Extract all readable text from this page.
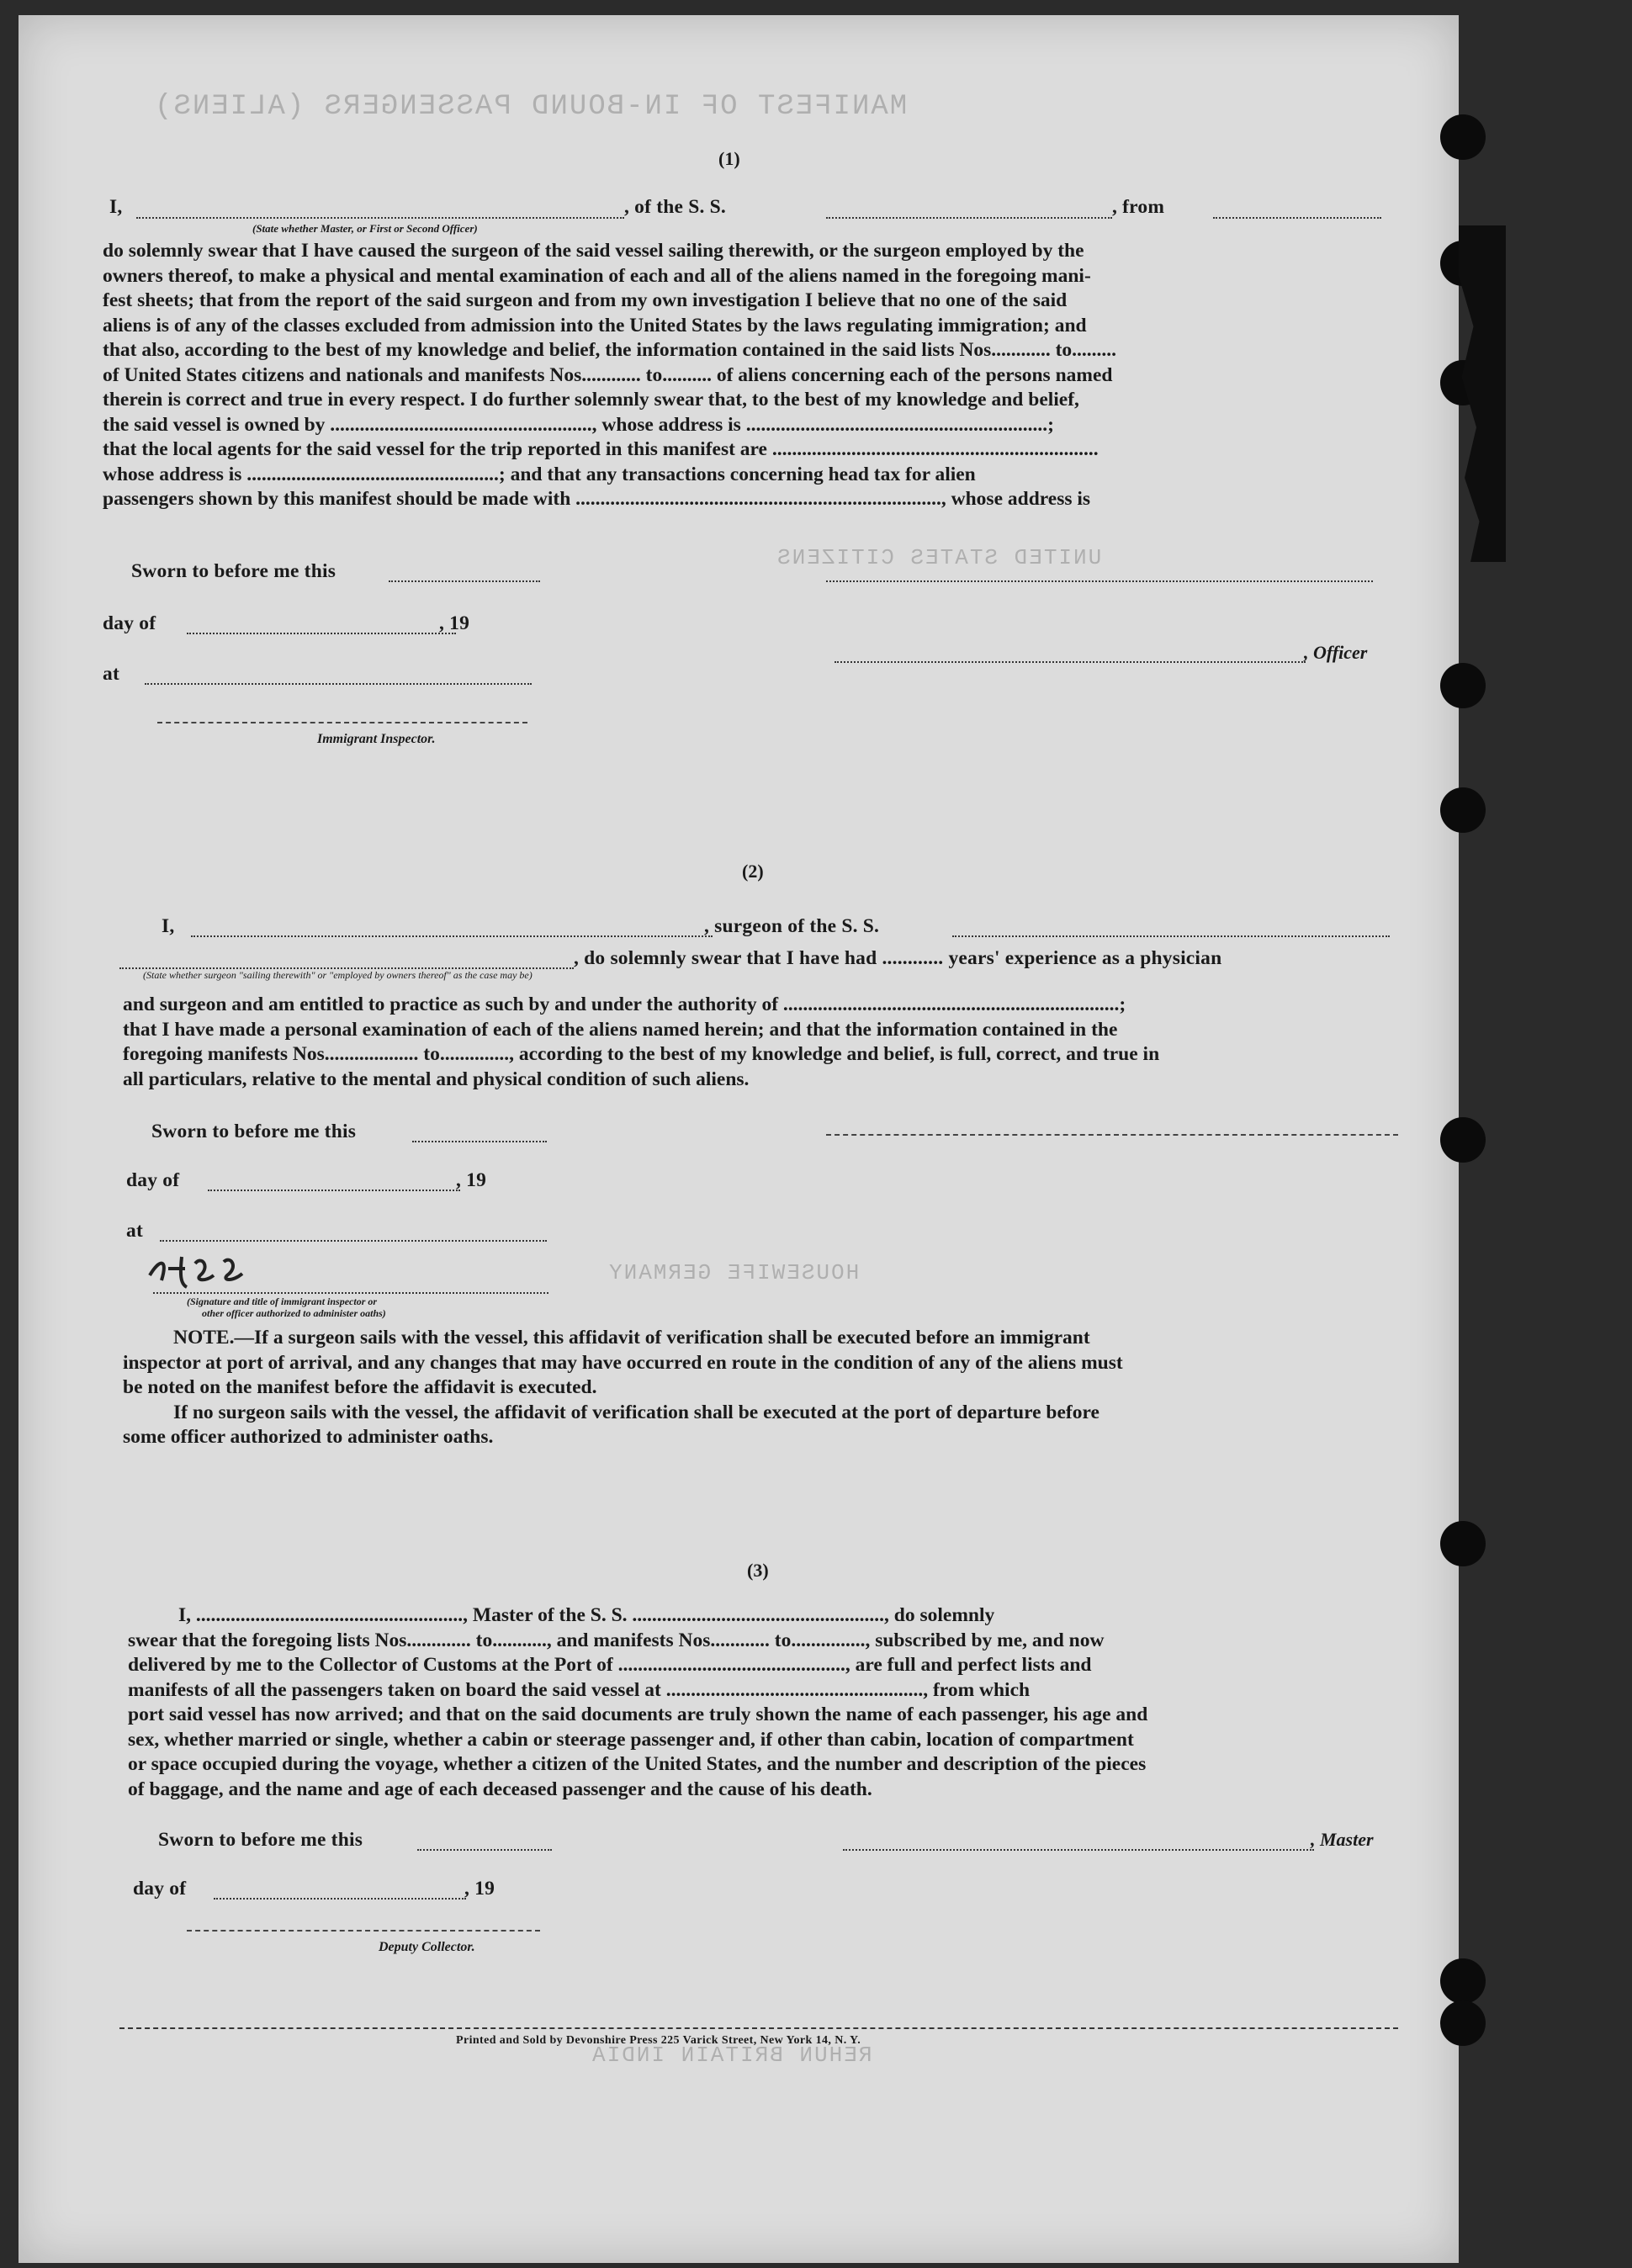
MANIFEST OF IN-BOUND PASSENGERS (ALIENS)
UNITED STATES CITIZENS
HOUSEWIFE GERMANY
REHUN BRITAIN INDIA
(1)
I,	, of the S. S.	, from
(State whether Master, or First or Second Officer)
do solemnly swear that I have caused the surgeon of the said vessel sailing therewith, or the surgeon employed by the
owners thereof, to make a physical and mental examination of each and all of the aliens named in the foregoing mani-
fest sheets; that from the report of the said surgeon and from my own investigation I believe that no one of the said
aliens is of any of the classes excluded from admission into the United States by the laws regulating immigration; and
that also, according to the best of my knowledge and belief, the information contained in the said lists Nos............ to.........
of United States citizens and nationals and manifests Nos............ to.......... of aliens concerning each of the persons named
therein is correct and true in every respect. I do further solemnly swear that, to the best of my knowledge and belief,
the said vessel is owned by ....................................................., whose address is .............................................................;
that the local agents for the said vessel for the trip reported in this manifest are ..................................................................
whose address is ...................................................; and that any transactions concerning head tax for alien
passengers shown by this manifest should be made with .........................................................................., whose address is
Sworn to before me this
day of	, 19
, Officer
at
Immigrant Inspector.
(2)
I,	, surgeon of the S. S.
, do solemnly swear that I have had ............ years' experience as a physician
(State whether surgeon "sailing therewith" or "employed by owners thereof" as the case may be)
and surgeon and am entitled to practice as such by and under the authority of ....................................................................;
that I have made a personal examination of each of the aliens named herein; and that the information contained in the
foregoing manifests Nos................... to.............., according to the best of my knowledge and belief, is full, correct, and true in
all particulars, relative to the mental and physical condition of such aliens.
Sworn to before me this
day of	, 19
at
(Signature and title of immigrant inspector or
other officer authorized to administer oaths)
NOTE.—If a surgeon sails with the vessel, this affidavit of verification shall be executed before an immigrant
inspector at port of arrival, and any changes that may have occurred en route in the condition of any of the aliens must
be noted on the manifest before the affidavit is executed.
If no surgeon sails with the vessel, the affidavit of verification shall be executed at the port of departure before
some officer authorized to administer oaths.
(3)
I, ......................................................, Master of the S. S. ..................................................., do solemnly
swear that the foregoing lists Nos............. to..........., and manifests Nos............ to..............., subscribed by me, and now
delivered by me to the Collector of Customs at the Port of .............................................., are full and perfect lists and
manifests of all the passengers taken on board the said vessel at ...................................................., from which
port said vessel has now arrived; and that on the said documents are truly shown the name of each passenger, his age and
sex, whether married or single, whether a cabin or steerage passenger and, if other than cabin, location of compartment
or space occupied during the voyage, whether a citizen of the United States, and the number and description of the pieces
of baggage, and the name and age of each deceased passenger and the cause of his death.
Sworn to before me this	, Master
day of	, 19
Deputy Collector.
Printed and Sold by Devonshire Press 225 Varick Street, New York 14, N. Y.
